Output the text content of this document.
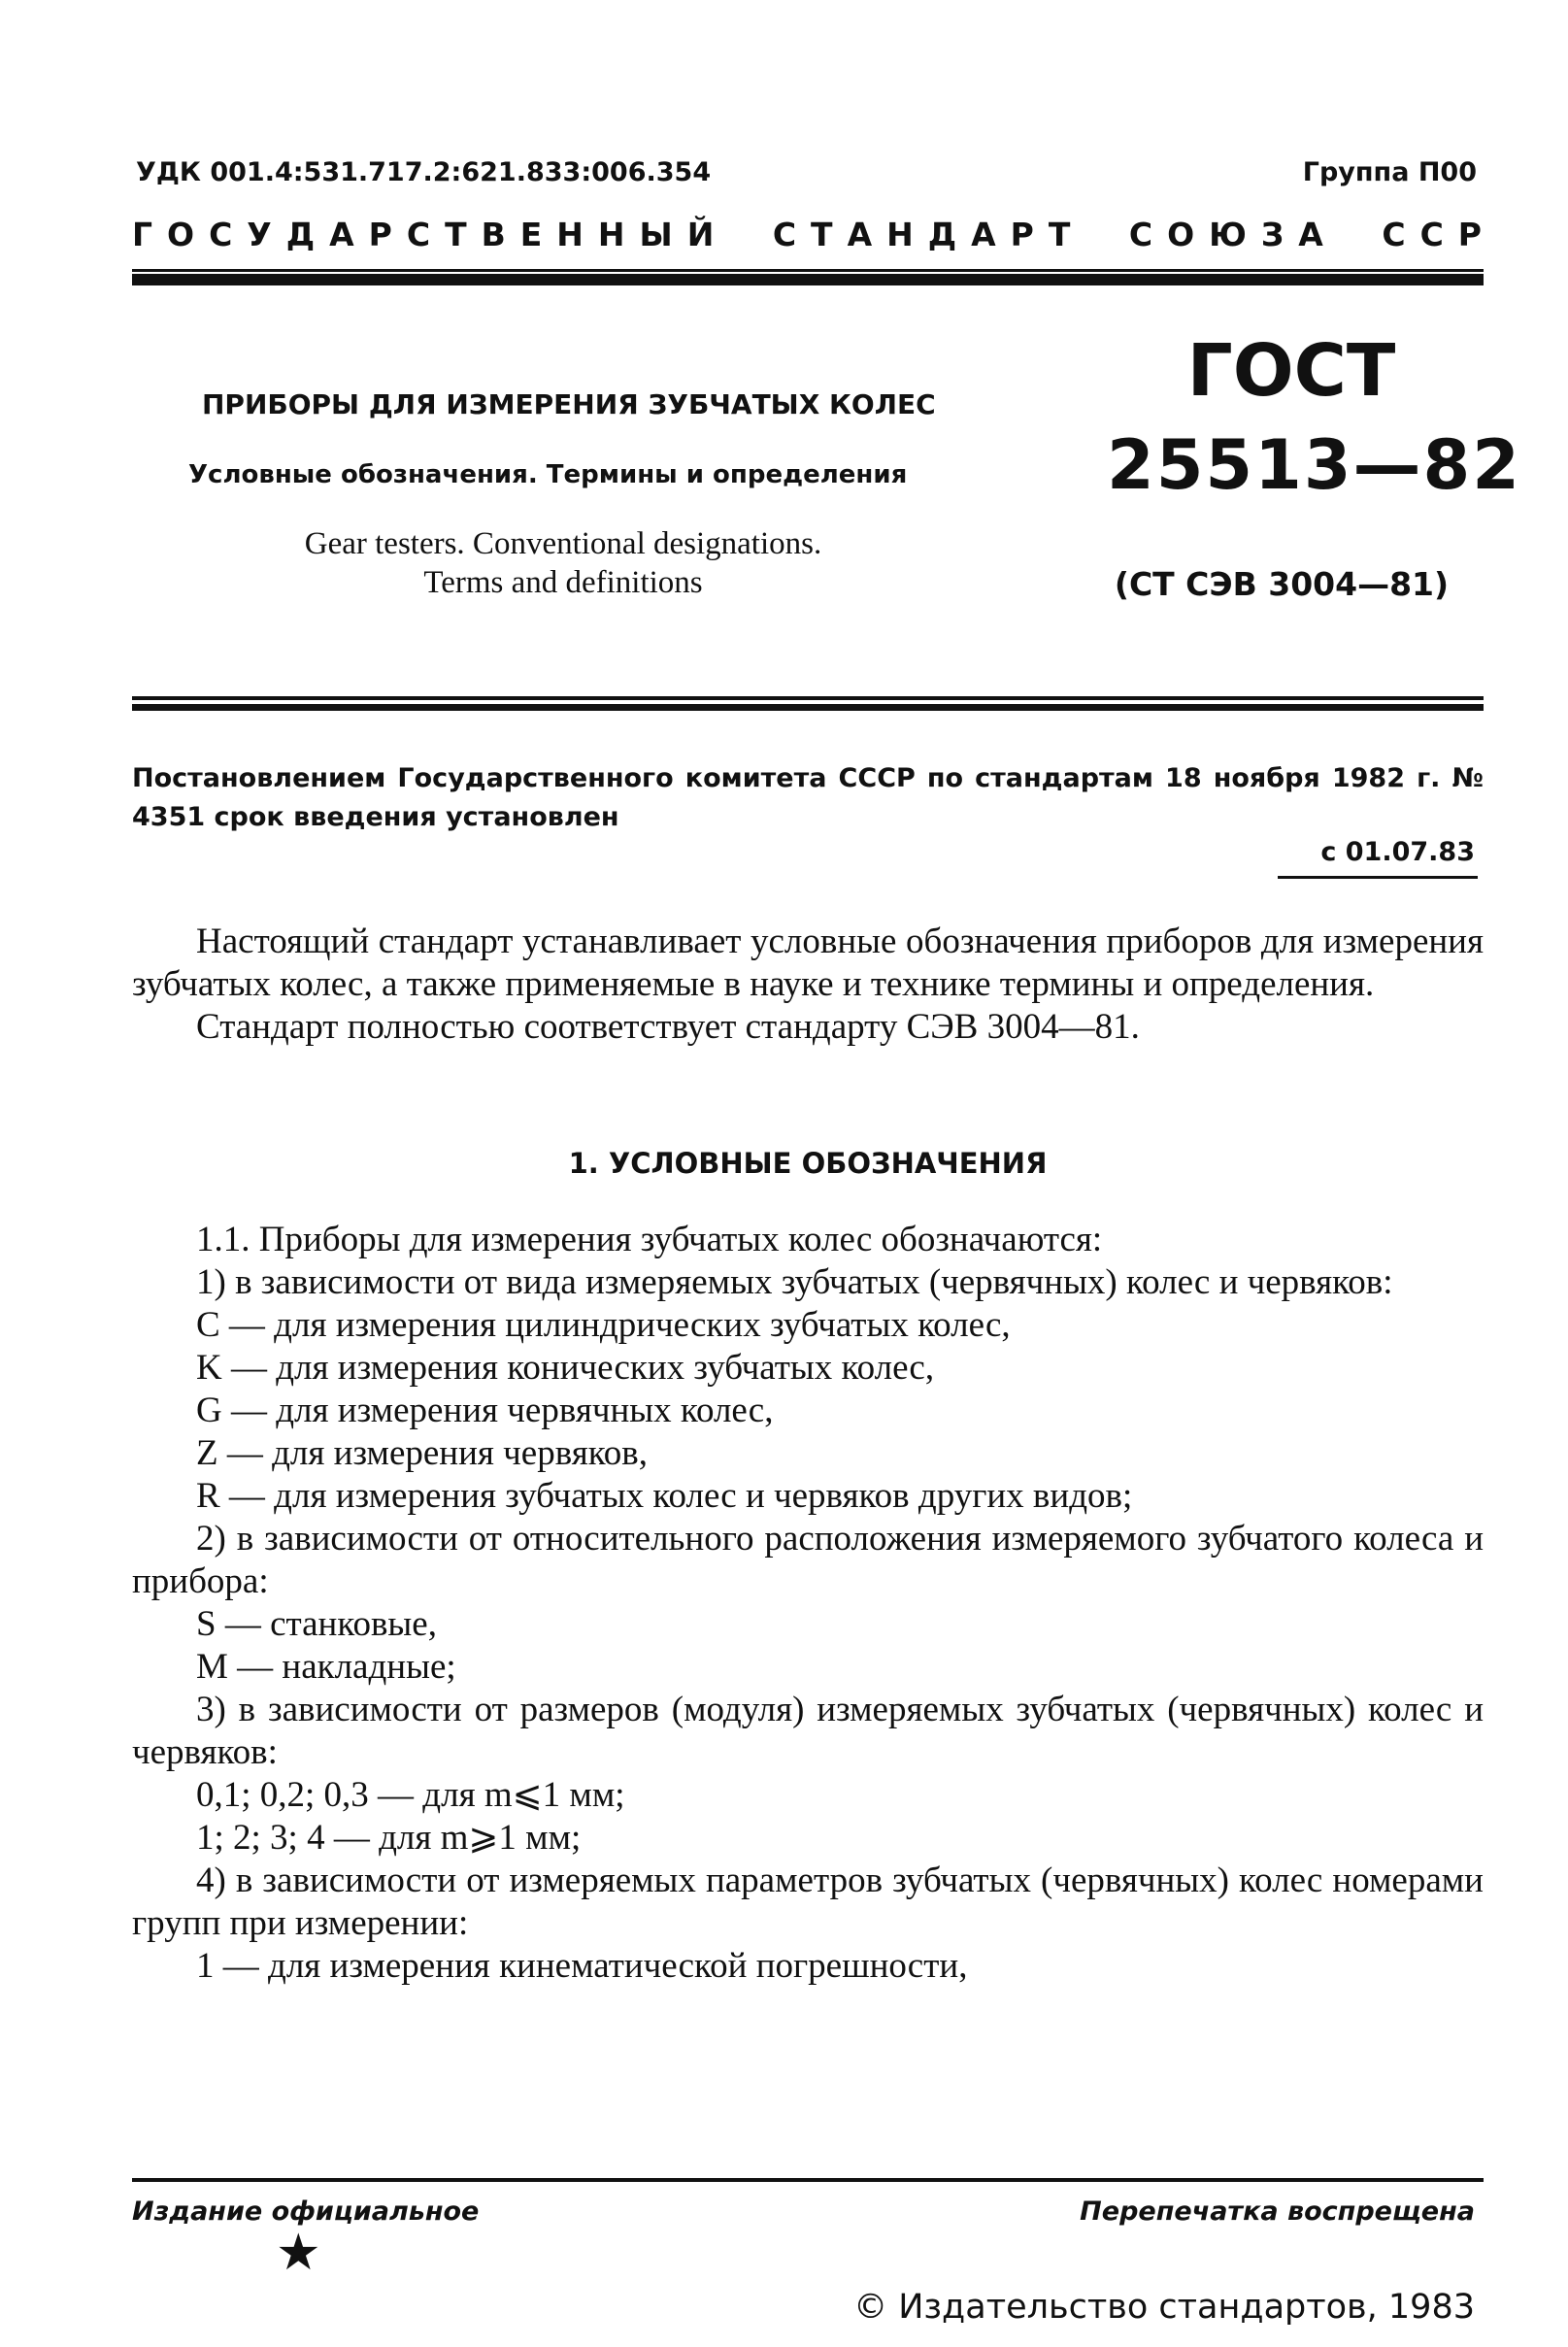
УДК 001.4:531.717.2:621.833:006.354	Группа П00
ГОСУДАРСТВЕННЫЙ СТАНДАРТ СОЮЗА ССР
ПРИБОРЫ ДЛЯ ИЗМЕРЕНИЯ ЗУБЧАТЫХ КОЛЕС
Условные обозначения. Термины и определения
Gear testers. Conventional designations.
Terms and definitions
ГОСТ
25513—82
(СТ СЭВ 3004—81)
Постановлением Государственного комитета СССР по стандартам 18 ноября 1982 г. № 4351 срок введения установлен
с 01.07.83

Настоящий стандарт устанавливает условные обозначения приборов для измерения зубчатых колес, а также применяемые в науке и технике термины и определения.

Стандарт полностью соответствует стандарту СЭВ 3004—81.

1. УСЛОВНЫЕ ОБОЗНАЧЕНИЯ

1.1. Приборы для измерения зубчатых колес обозначаются:

1) в зависимости от вида измеряемых зубчатых (червячных) колес и червяков:

C — для измерения цилиндрических зубчатых колес,

K — для измерения конических зубчатых колес,

G — для измерения червячных колес,

Z — для измерения червяков,

R — для измерения зубчатых колес и червяков других видов;

2) в зависимости от относительного расположения измеряемого зубчатого колеса и прибора:

S — станковые,

M — накладные;

3) в зависимости от размеров (модуля) измеряемых зубчатых (червячных) колес и червяков:

0,1; 0,2; 0,3 — для m⩽1 мм;

1; 2; 3; 4 — для m⩾1 мм;

4) в зависимости от измеряемых параметров зубчатых (червячных) колес номерами групп при измерении:

1 — для измерения кинематической погрешности,

Издание официальное	Перепечатка воспрещена
★
© Издательство стандартов, 1983
